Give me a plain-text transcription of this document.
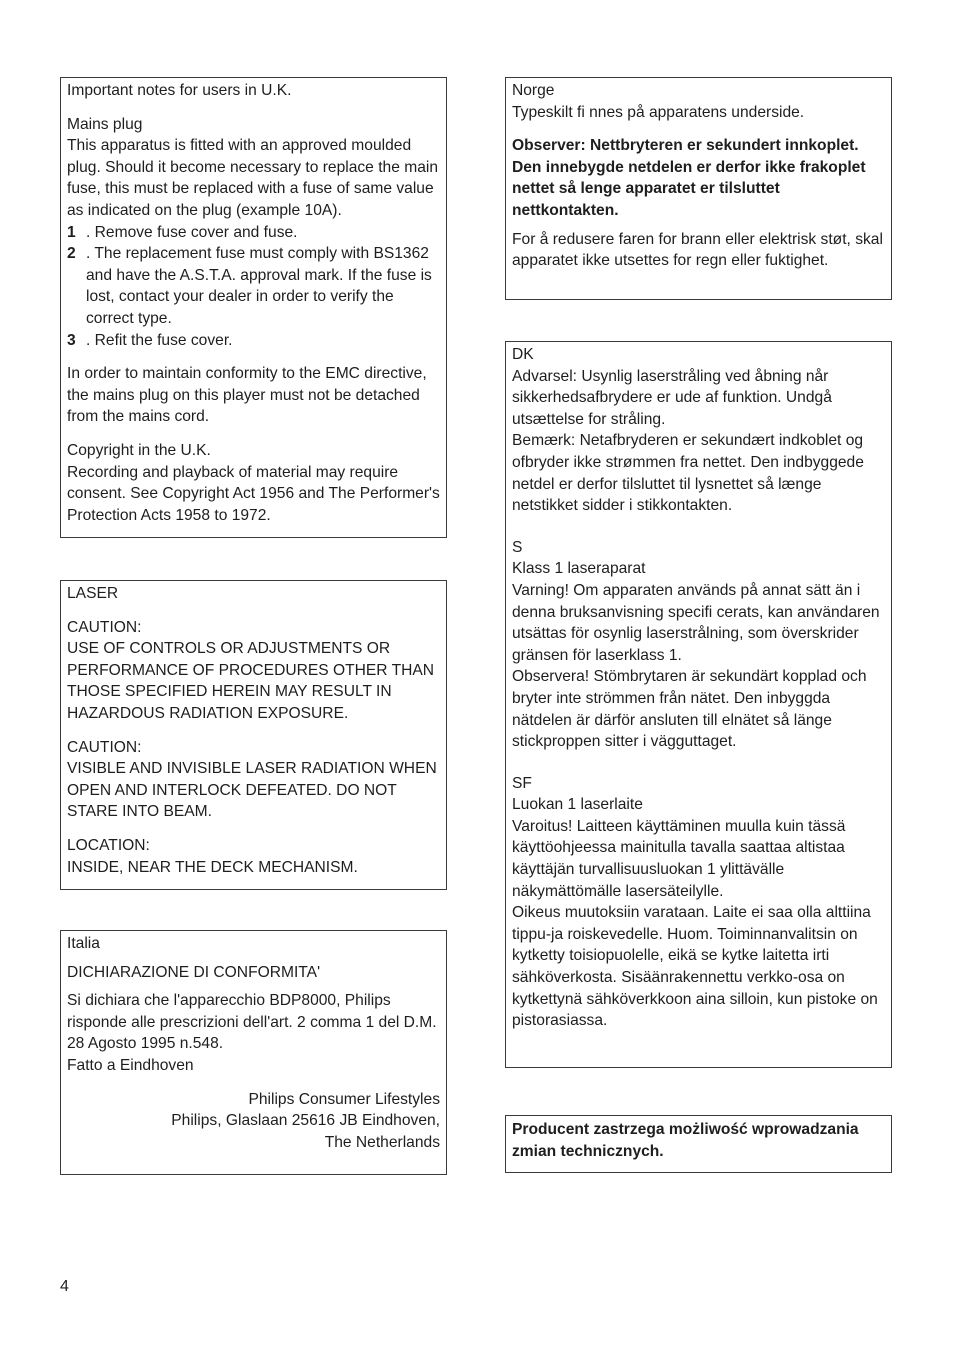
Important notes for users in U.K.

Mains plug

This apparatus is fitted with an approved moulded plug. Should it become necessary to replace the main fuse, this must be replaced with a fuse of same value as indicated on the plug (example 10A).

1 . Remove fuse cover and fuse.
2 . The replacement fuse must comply with BS1362 and have the A.S.T.A. approval mark. If the fuse is lost, contact your dealer in order to verify the correct type.
3 . Refit the fuse cover.

In order to maintain conformity to the EMC directive, the mains plug on this player must not be detached from the mains cord.

Copyright in the U.K.

Recording and playback of material may require consent. See Copyright Act 1956 and The Performer's Protection Acts 1958 to 1972.

LASER

CAUTION:

USE OF CONTROLS OR ADJUSTMENTS OR PERFORMANCE OF PROCEDURES OTHER THAN THOSE SPECIFIED HEREIN MAY RESULT IN HAZARDOUS RADIATION EXPOSURE.

CAUTION:

VISIBLE AND INVISIBLE LASER RADIATION WHEN OPEN AND INTERLOCK DEFEATED. DO NOT STARE INTO BEAM.

LOCATION:

INSIDE, NEAR THE DECK MECHANISM.

Italia

DICHIARAZIONE DI CONFORMITA'

Si dichiara che l'apparecchio BDP8000, Philips risponde alle prescrizioni dell'art. 2 comma 1 del D.M. 28 Agosto 1995 n.548.

Fatto a Eindhoven

Philips Consumer Lifestyles

Philips, Glaslaan 25616 JB Eindhoven,

The Netherlands

Norge

Typeskilt fi nnes på apparatens underside.

Observer: Nettbryteren er sekundert innkoplet. Den innebygde netdelen er derfor ikke frakoplet nettet så lenge apparatet er tilsluttet nettkontakten.

For å redusere faren for brann eller elektrisk støt, skal apparatet ikke utsettes for regn eller fuktighet.

DK

Advarsel: Usynlig laserstråling ved åbning når sikkerhedsafbrydere er ude af funktion. Undgå utsættelse for stråling.

Bemærk: Netafbryderen er sekundært indkoblet og ofbryder ikke strømmen fra nettet. Den indbyggede netdel er derfor tilsluttet til lysnettet så længe netstikket sidder i stikkontakten.

S

Klass 1 laseraparat

Varning! Om apparaten används på annat sätt än i denna bruksanvisning specifi cerats, kan användaren utsättas för osynlig laserstrålning, som överskrider gränsen för laserklass 1.

Observera! Stömbrytaren är sekundärt kopplad och bryter inte strömmen från nätet. Den inbyggda nätdelen är därför ansluten till elnätet så länge stickproppen sitter i vägguttaget.

SF

Luokan 1 laserlaite

Varoitus! Laitteen käyttäminen muulla kuin tässä käyttöohjeessa mainitulla tavalla saattaa altistaa käyttäjän turvallisuusluokan 1 ylittävälle näkymättömälle lasersäteilylle.

Oikeus muutoksiin varataan. Laite ei saa olla alttiina tippu-ja roiskevedelle. Huom. Toiminnanvalitsin on kytketty toisiopuolelle, eikä se kytke laitetta irti sähköverkosta. Sisäänrakennettu verkko-osa on kytkettynä sähköverkkoon aina silloin, kun pistoke on pistorasiassa.

Producent zastrzega możliwość wprowadzania zmian technicznych.

4
